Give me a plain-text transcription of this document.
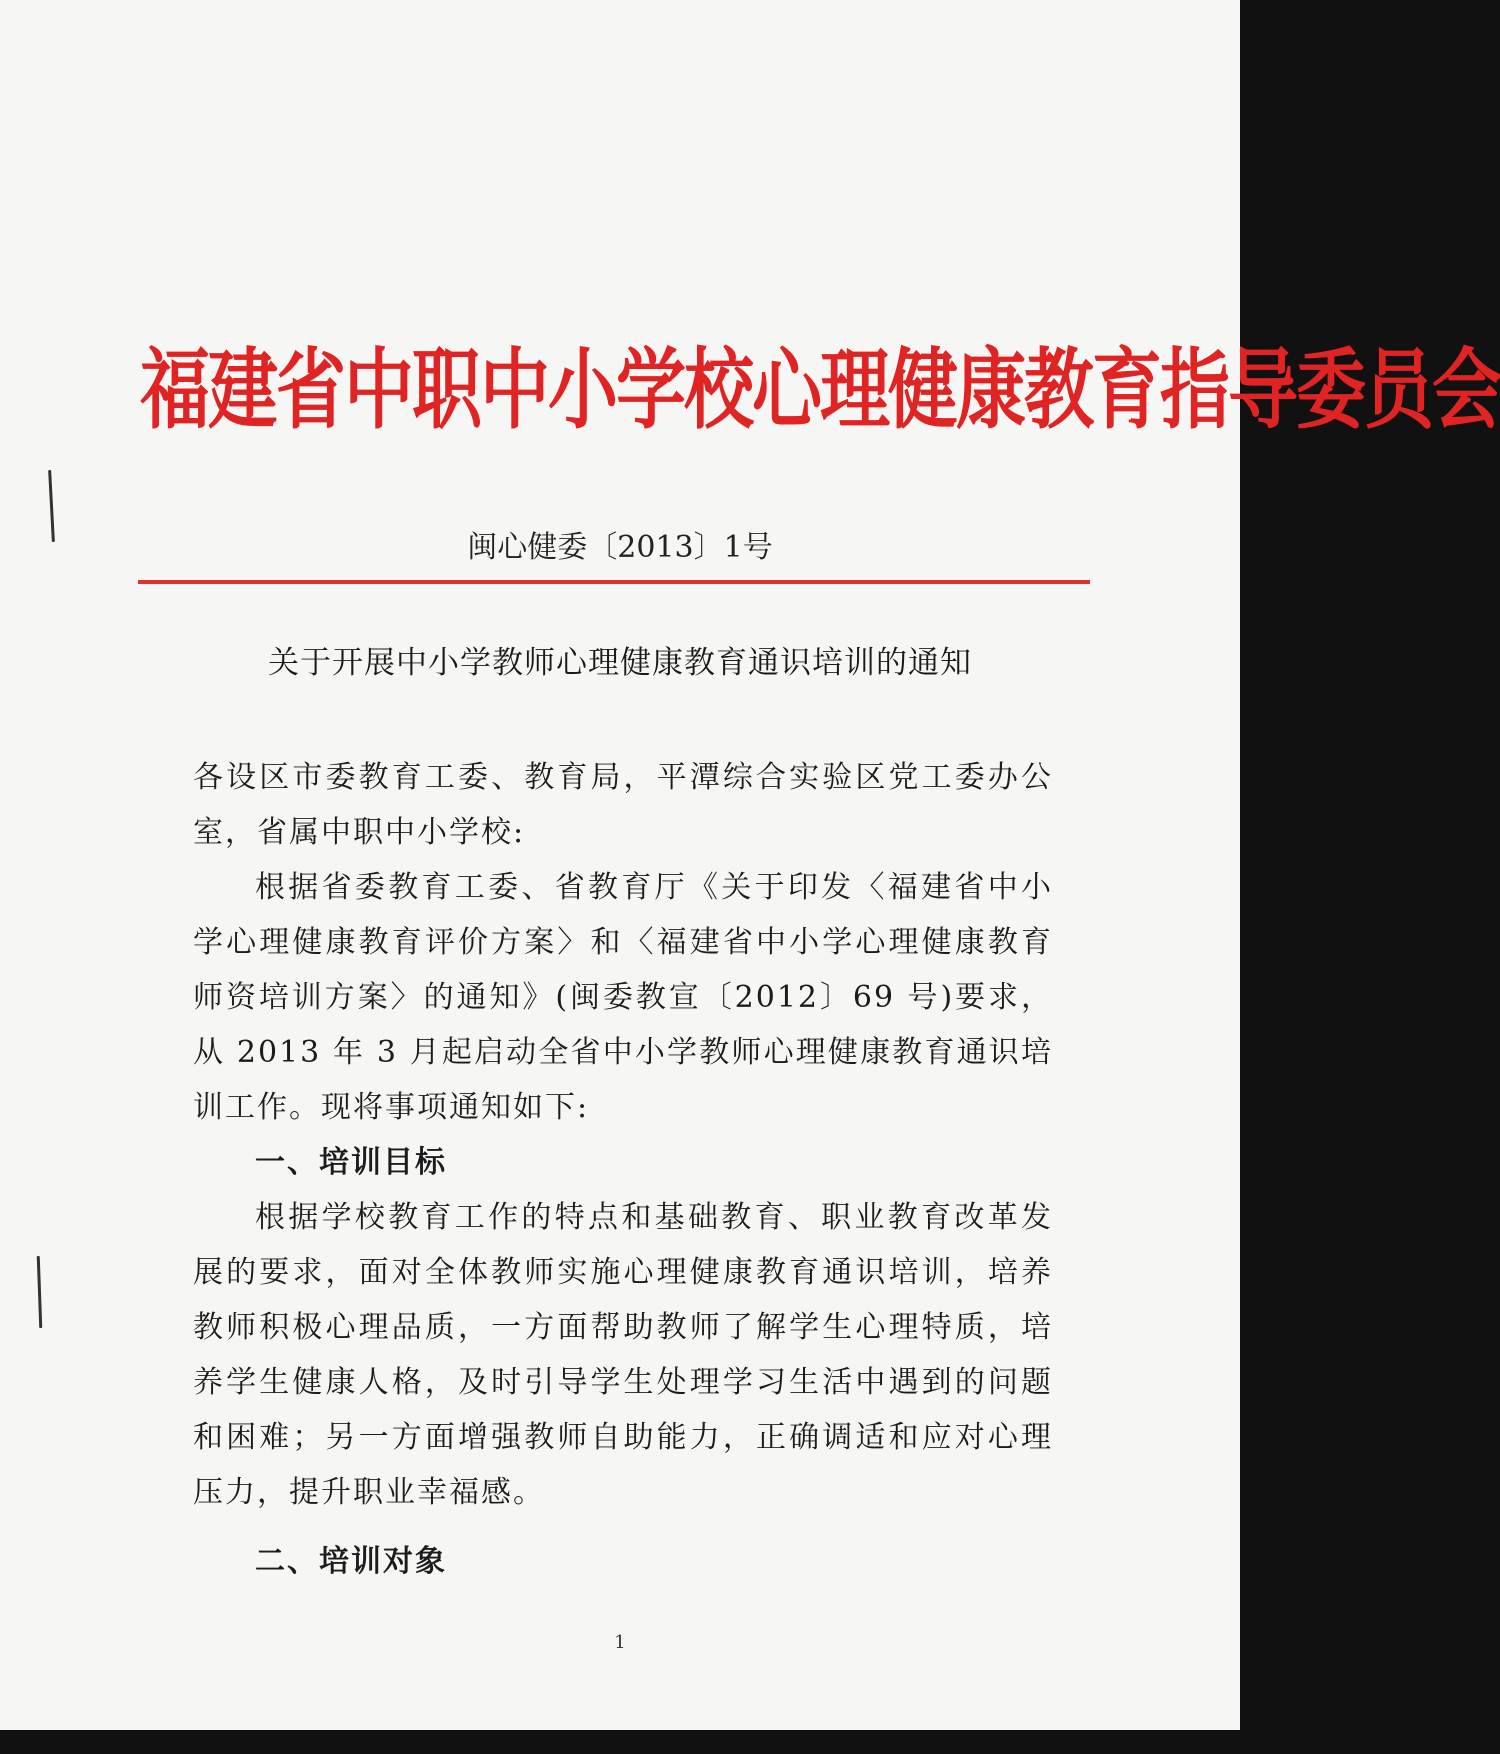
福建省中职中小学校心理健康教育指导委员会
闽心健委〔2013〕1号
关于开展中小学教师心理健康教育通识培训的通知

各设区市委教育工委、教育局，平潭综合实验区党工委办公室，省属中职中小学校:

根据省委教育工委、省教育厅《关于印发〈福建省中小学心理健康教育评价方案〉和〈福建省中小学心理健康教育师资培训方案〉的通知》(闽委教宣〔2012〕69 号)要求，从 2013 年 3 月起启动全省中小学教师心理健康教育通识培训工作。现将事项通知如下:

一、培训目标

根据学校教育工作的特点和基础教育、职业教育改革发展的要求，面对全体教师实施心理健康教育通识培训，培养教师积极心理品质，一方面帮助教师了解学生心理特质，培养学生健康人格，及时引导学生处理学习生活中遇到的问题和困难；另一方面增强教师自助能力，正确调适和应对心理压力，提升职业幸福感。

二、培训对象

1
